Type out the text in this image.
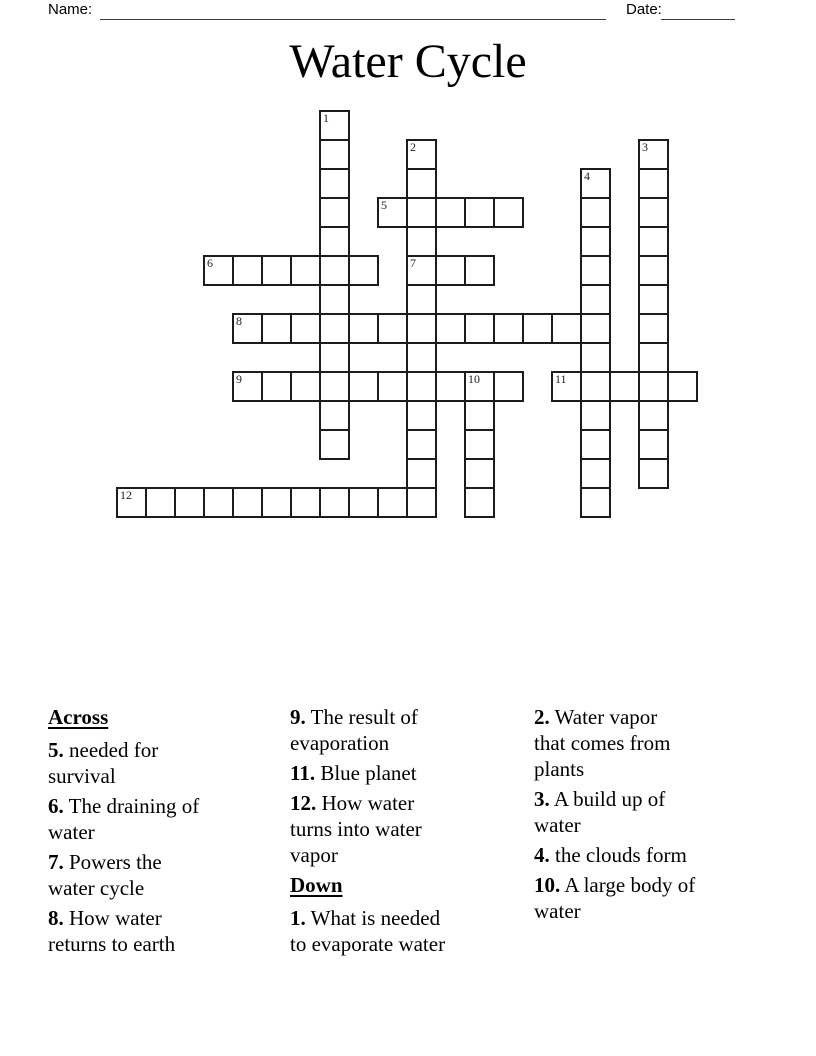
Name:	Date:
Water Cycle
1
2
7
3
4
5
6
8
9	10	11
12
Across
5. needed for
survival
6. The draining of
water
7. Powers the
water cycle
8. How water
returns to earth
9. The result of
evaporation
11. Blue planet
12. How water
turns into water
vapor
Down
1. What is needed
to evaporate water
2. Water vapor
that comes from
plants
3. A build up of
water
4. the clouds form
10. A large body of
water
